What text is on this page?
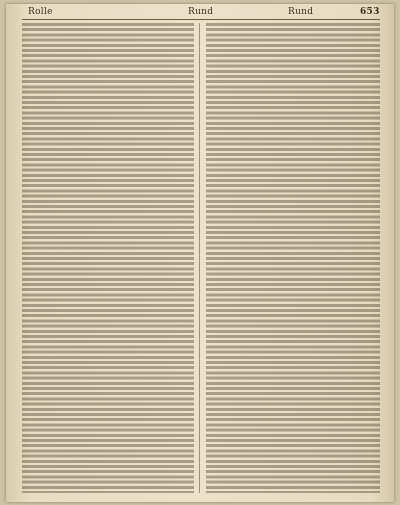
Rolle	Rund	Rund	653
